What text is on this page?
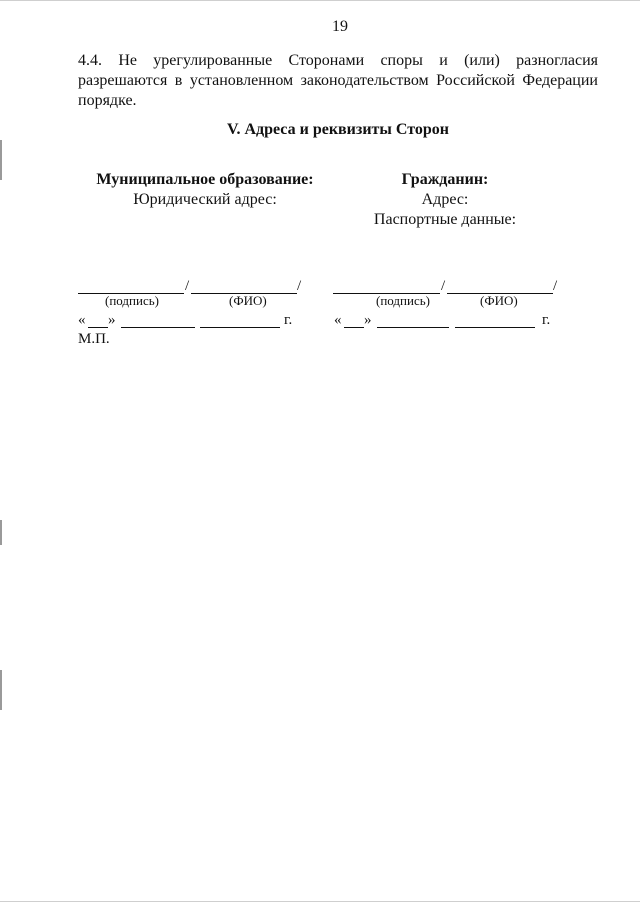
19
4.4. Не урегулированные Сторонами споры и (или) разногласия
разрешаются в установленном законодательством Российской Федерации
порядке.
V. Адреса и реквизиты Сторон
Муниципальное образование:
Юридический адрес:
Гражданин:
Адрес:
Паспортные данные:
/	/
(подпись)	(ФИО)
« »	г.
М.П.
/	/
(подпись)	(ФИО)
« »	г.
